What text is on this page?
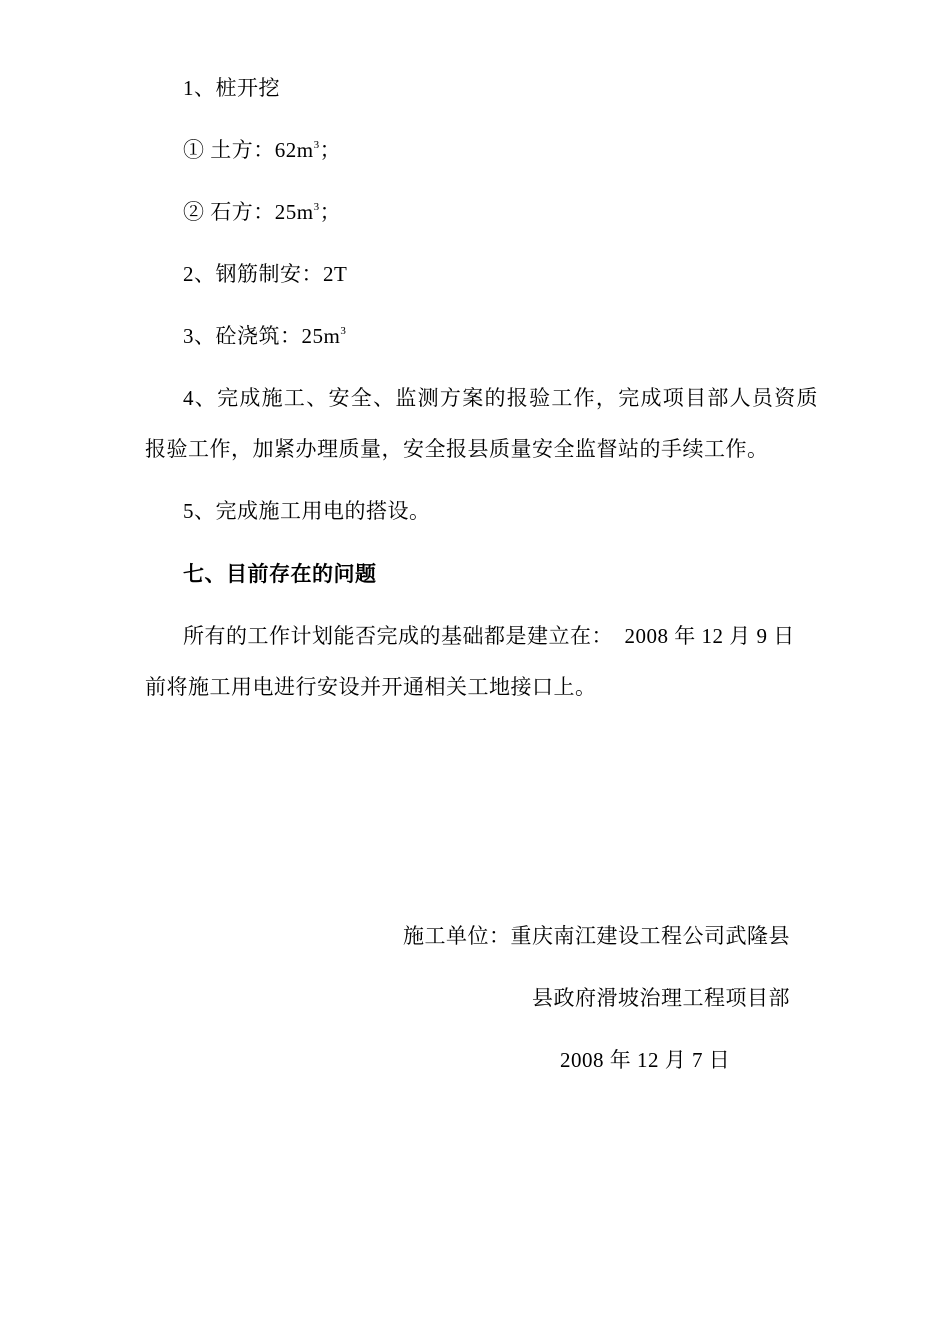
1、桩开挖
① 土方：$62m^3$；
② 石方：$25m^3$；
2、钢筋制安：2T
3、砼浇筑：$25m^3$
4、完成施工、安全、监测方案的报验工作，完成项目部人员资质
报验工作，加紧办理质量，安全报县质量安全监督站的手续工作。
5、完成施工用电的搭设。
七、目前存在的问题
所有的工作计划能否完成的基础都是建立在：  2008 年 12 月 9 日
前将施工用电进行安设并开通相关工地接口上。
施工单位：重庆南江建设工程公司武隆县
县政府滑坡治理工程项目部
2008 年 12 月 7 日
